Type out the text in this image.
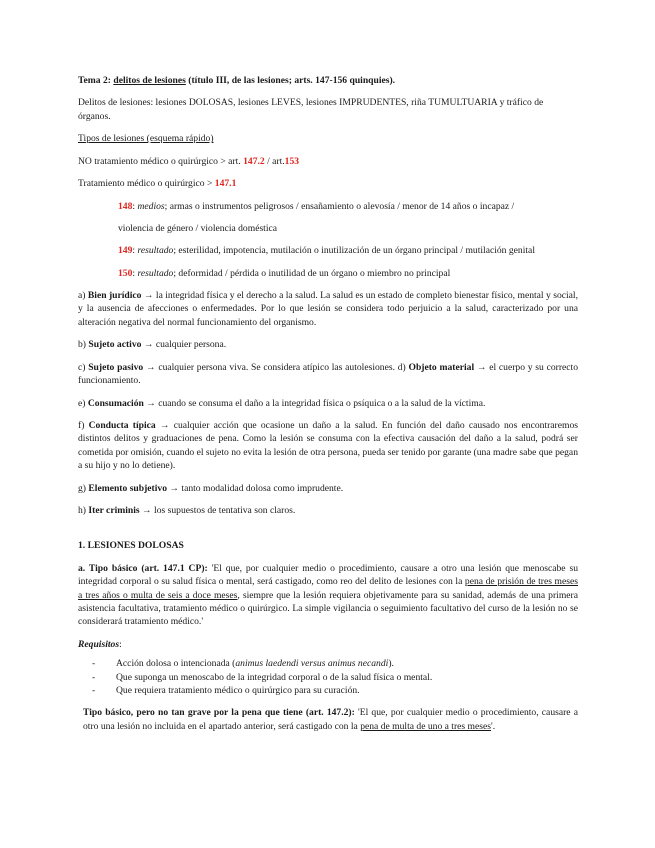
Tema 2: delitos de lesiones (título III, de las lesiones; arts. 147-156 quinquies).

Delitos de lesiones: lesiones DOLOSAS, lesiones LEVES, lesiones IMPRUDENTES, riña TUMULTUARIA y tráfico de órganos.

Tipos de lesiones (esquema rápido)

NO tratamiento médico o quirúrgico > art. 147.2 / art.153

Tratamiento médico o quirúrgico > 147.1

148: medios; armas o instrumentos peligrosos / ensañamiento o alevosía / menor de 14 años o incapaz /

violencia de género / violencia doméstica

149: resultado; esterilidad, impotencia, mutilación o inutilización de un órgano principal / mutilación genital

150: resultado; deformidad / pérdida o inutilidad de un órgano o miembro no principal

a) Bien jurídico → la integridad física y el derecho a la salud. La salud es un estado de completo bienestar físico, mental y social, y la ausencia de afecciones o enfermedades. Por lo que lesión se considera todo perjuicio a la salud, caracterizado por una alteración negativa del normal funcionamiento del organismo.

b) Sujeto activo → cualquier persona.

c) Sujeto pasivo → cualquier persona viva. Se considera atípico las autolesiones. d) Objeto material → el cuerpo y su correcto funcionamiento.

e) Consumación → cuando se consuma el daño a la integridad física o psíquica o a la salud de la víctima.

f) Conducta típica → cualquier acción que ocasione un daño a la salud. En función del daño causado nos encontraremos distintos delitos y graduaciones de pena. Como la lesión se consuma con la efectiva causación del daño a la salud, podrá ser cometida por omisión, cuando el sujeto no evita la lesión de otra persona, pueda ser tenido por garante (una madre sabe que pegan a su hijo y no lo detiene).

g) Elemento subjetivo → tanto modalidad dolosa como imprudente.

h) Iter criminis → los supuestos de tentativa son claros.

1. LESIONES DOLOSAS

a. Tipo básico (art. 147.1 CP): 'El que, por cualquier medio o procedimiento, causare a otro una lesión que menoscabe su integridad corporal o su salud física o mental, será castigado, como reo del delito de lesiones con la pena de prisión de tres meses a tres años o multa de seis a doce meses, siempre que la lesión requiera objetivamente para su sanidad, además de una primera asistencia facultativa, tratamiento médico o quirúrgico. La simple vigilancia o seguimiento facultativo del curso de la lesión no se considerará tratamiento médico.'

Requisitos:

- Acción dolosa o intencionada (animus laedendi versus animus necandi).
- Que suponga un menoscabo de la integridad corporal o de la salud física o mental.
- Que requiera tratamiento médico o quirúrgico para su curación.

Tipo básico, pero no tan grave por la pena que tiene (art. 147.2): 'El que, por cualquier medio o procedimiento, causare a otro una lesión no incluida en el apartado anterior, será castigado con la pena de multa de uno a tres meses'.
